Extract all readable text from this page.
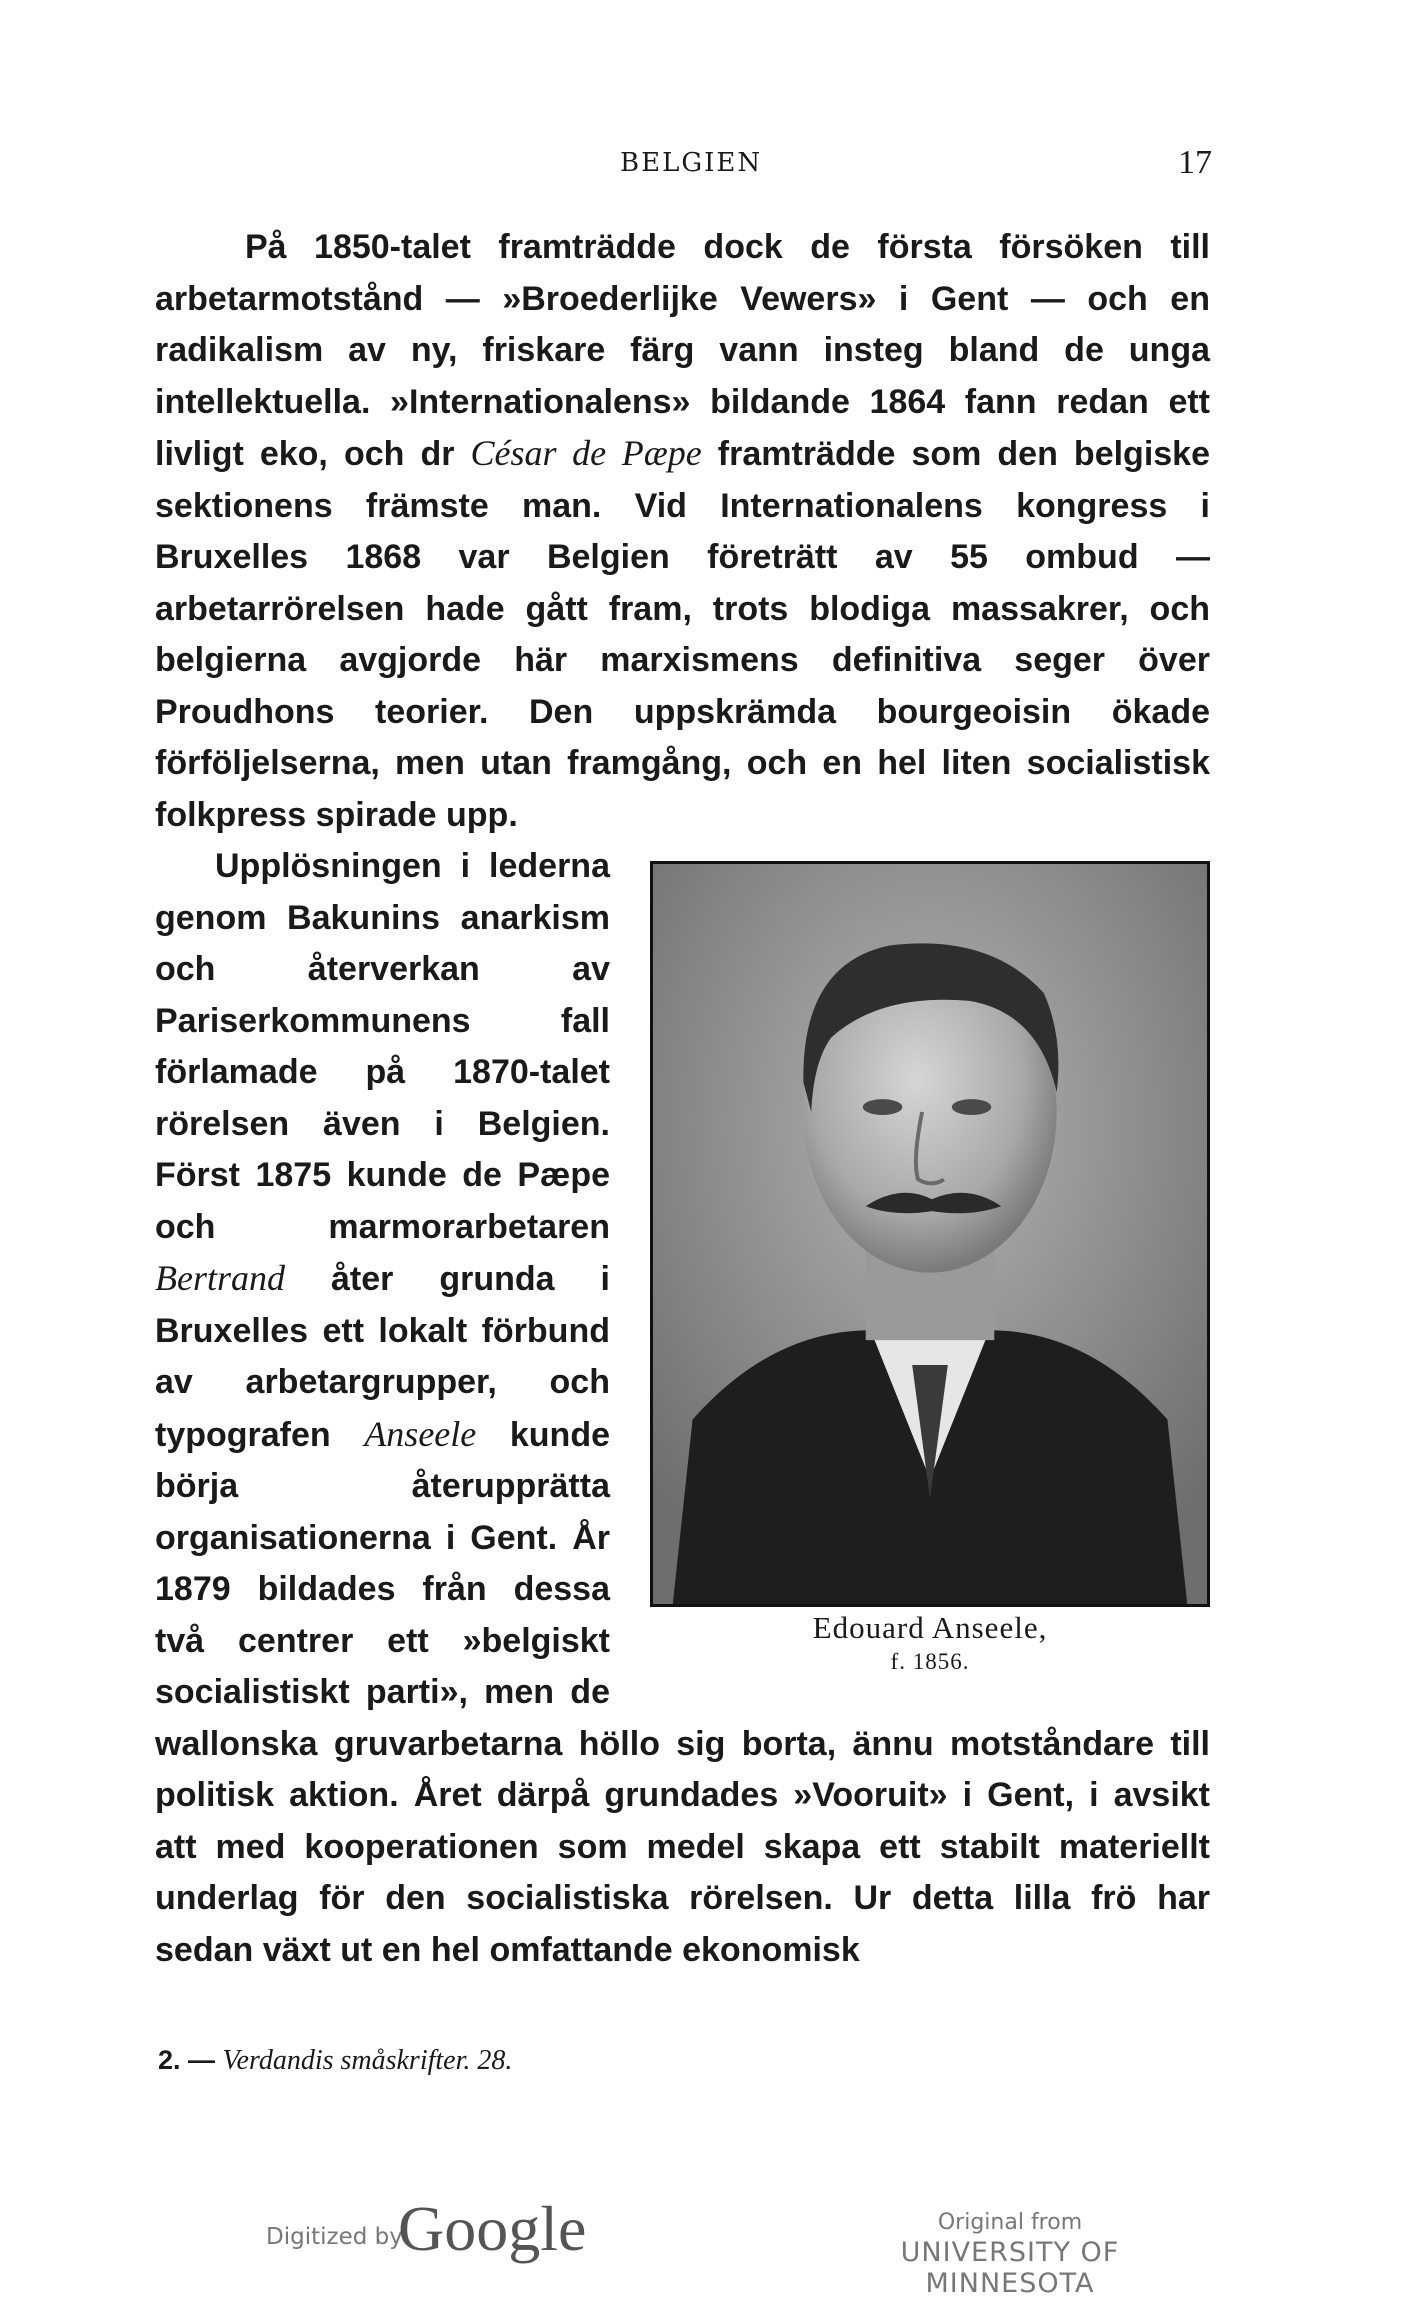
BELGIEN	17

På 1850-talet framträdde dock de första försöken till arbetarmotstånd — »Broederlijke Vewers» i Gent — och en radikalism av ny, friskare färg vann insteg bland de unga intellektuella. »Internationalens» bildande 1864 fann redan ett livligt eko, och dr César de Pæpe framträdde som den belgiske sektionens främste man. Vid Internationalens kongress i Bruxelles 1868 var Belgien företrätt av 55 ombud — arbetarrörelsen hade gått fram, trots blodiga massakrer, och belgierna avgjorde här marxismens definitiva seger över Proudhons teorier. Den uppskrämda bourgeoisin ökade förföljelserna, men utan framgång, och en hel liten socialistisk folkpress spirade upp.

Edouard Anseele,
f. 1856.

Upplösningen i lederna genom Bakunins anarkism och återverkan av Pariserkommunens fall förlamade på 1870-talet rörelsen även i Belgien. Först 1875 kunde de Pæpe och marmorarbetaren Bertrand åter grunda i Bruxelles ett lokalt förbund av arbetargrupper, och typografen Anseele kunde börja återupprätta organisationerna i Gent. År 1879 bildades från dessa två centrer ett »belgiskt socialistiskt parti», men de wallonska gruvarbetarna höllo sig borta, ännu motståndare till politisk aktion. Året därpå grundades »Vooruit» i Gent, i avsikt att med kooperationen som medel skapa ett stabilt materiellt underlag för den socialistiska rörelsen. Ur detta lilla frö har sedan växt ut en hel omfattande ekonomisk

2. — Verdandis småskrifter. 28.
Digitized by
Google	Original from
UNIVERSITY OF MINNESOTA
